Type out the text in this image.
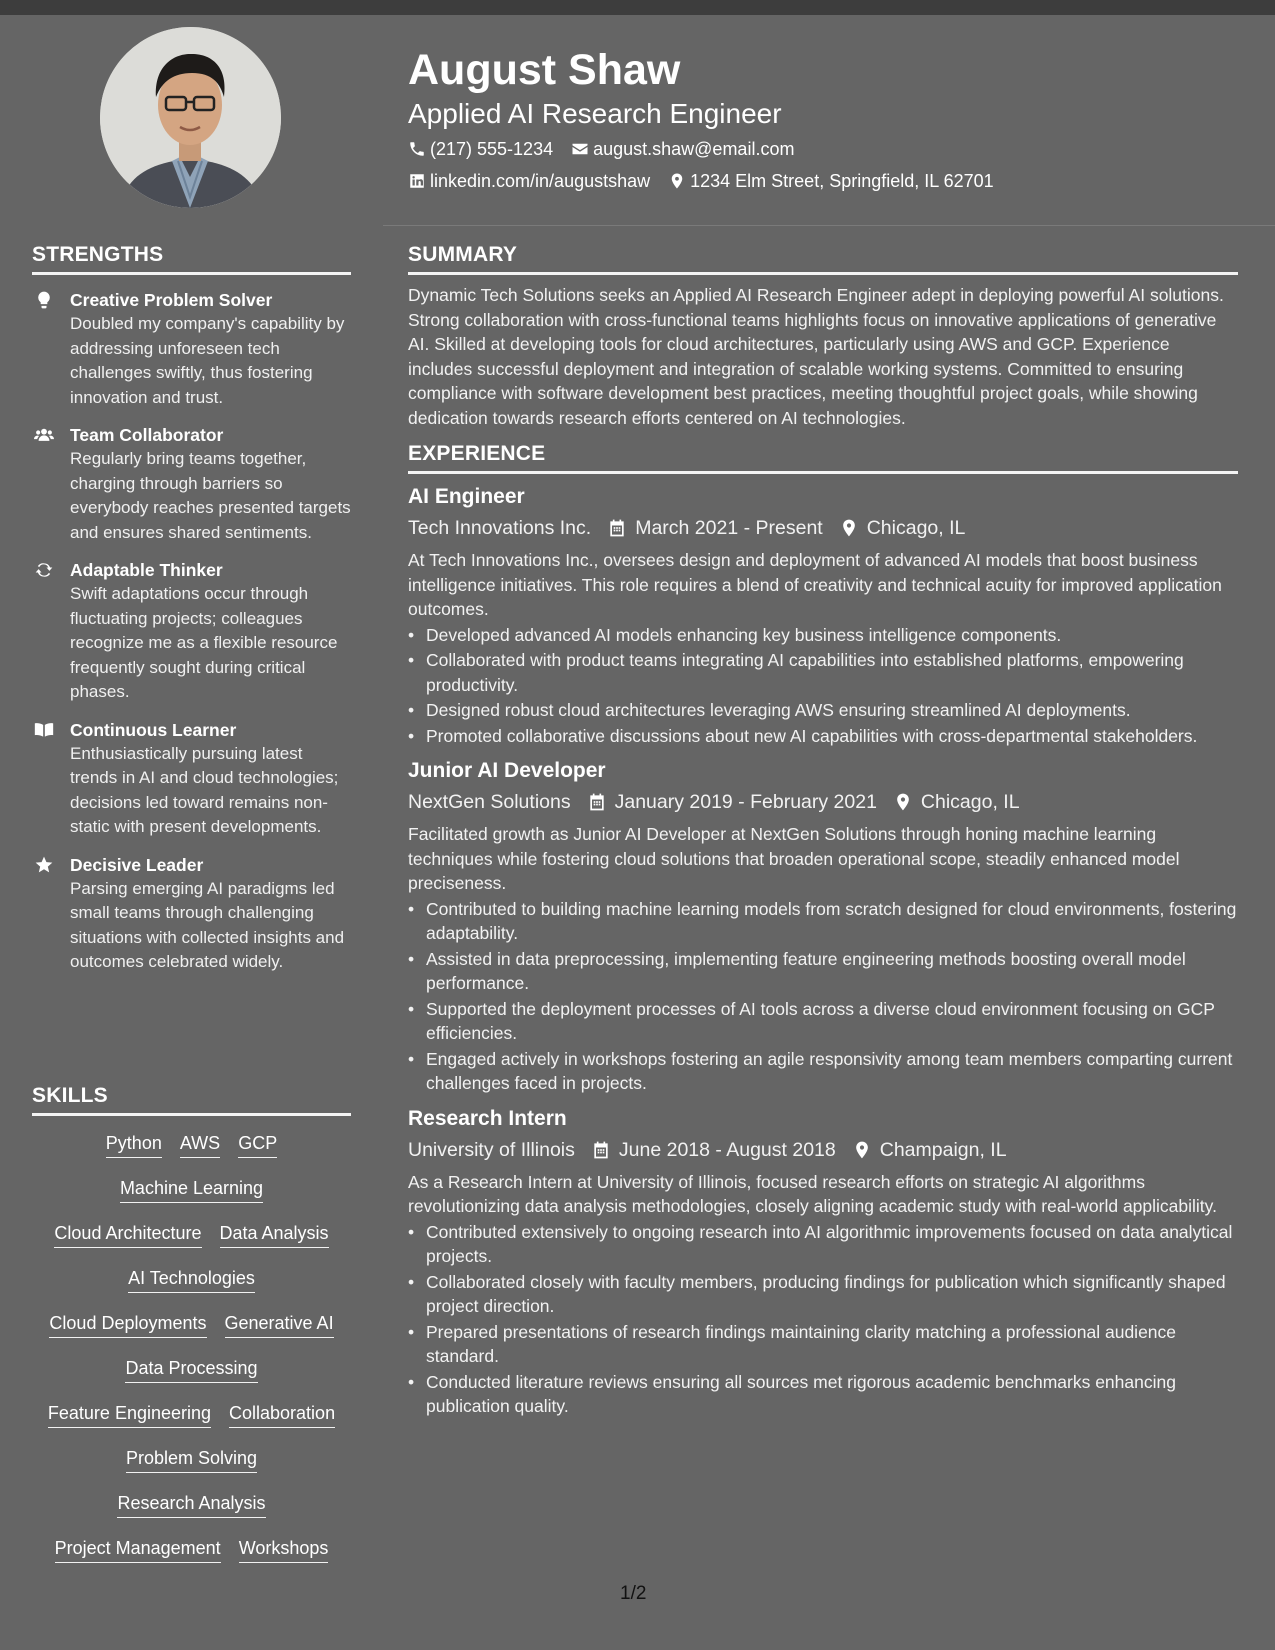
August Shaw
Applied AI Research Engineer
(217) 555-1234 august.shaw@email.com
linkedin.com/in/augustshaw 1234 Elm Street, Springfield, IL 62701
STRENGTHS
Creative Problem Solver
Doubled my company's capability by addressing unforeseen tech challenges swiftly, thus fostering innovation and trust.
Team Collaborator
Regularly bring teams together, charging through barriers so everybody reaches presented targets and ensures shared sentiments.
Adaptable Thinker
Swift adaptations occur through fluctuating projects; colleagues recognize me as a flexible resource frequently sought during critical phases.
Continuous Learner
Enthusiastically pursuing latest trends in AI and cloud technologies; decisions led toward remains non-static with present developments.
Decisive Leader
Parsing emerging AI paradigms led small teams through challenging situations with collected insights and outcomes celebrated widely.
SKILLS
Python AWS GCP
Machine Learning
Cloud Architecture Data Analysis
AI Technologies
Cloud Deployments Generative AI
Data Processing
Feature Engineering Collaboration
Problem Solving
Research Analysis
Project Management Workshops
SUMMARY
Dynamic Tech Solutions seeks an Applied AI Research Engineer adept in deploying powerful AI solutions. Strong collaboration with cross-functional teams highlights focus on innovative applications of generative AI. Skilled at developing tools for cloud architectures, particularly using AWS and GCP. Experience includes successful deployment and integration of scalable working systems. Committed to ensuring compliance with software development best practices, meeting thoughtful project goals, while showing dedication towards research efforts centered on AI technologies.
EXPERIENCE
AI Engineer
Tech Innovations Inc. March 2021 - Present Chicago, IL
At Tech Innovations Inc., oversees design and deployment of advanced AI models that boost business intelligence initiatives. This role requires a blend of creativity and technical acuity for improved application outcomes.
• Developed advanced AI models enhancing key business intelligence components.
• Collaborated with product teams integrating AI capabilities into established platforms, empowering productivity.
• Designed robust cloud architectures leveraging AWS ensuring streamlined AI deployments.
• Promoted collaborative discussions about new AI capabilities with cross-departmental stakeholders.
Junior AI Developer
NextGen Solutions January 2019 - February 2021 Chicago, IL
Facilitated growth as Junior AI Developer at NextGen Solutions through honing machine learning techniques while fostering cloud solutions that broaden operational scope, steadily enhanced model preciseness.
• Contributed to building machine learning models from scratch designed for cloud environments, fostering adaptability.
• Assisted in data preprocessing, implementing feature engineering methods boosting overall model performance.
• Supported the deployment processes of AI tools across a diverse cloud environment focusing on GCP efficiencies.
• Engaged actively in workshops fostering an agile responsivity among team members comparting current challenges faced in projects.
Research Intern
University of Illinois June 2018 - August 2018 Champaign, IL
As a Research Intern at University of Illinois, focused research efforts on strategic AI algorithms revolutionizing data analysis methodologies, closely aligning academic study with real-world applicability.
• Contributed extensively to ongoing research into AI algorithmic improvements focused on data analytical projects.
• Collaborated closely with faculty members, producing findings for publication which significantly shaped project direction.
• Prepared presentations of research findings maintaining clarity matching a professional audience standard.
• Conducted literature reviews ensuring all sources met rigorous academic benchmarks enhancing publication quality.
1/2
